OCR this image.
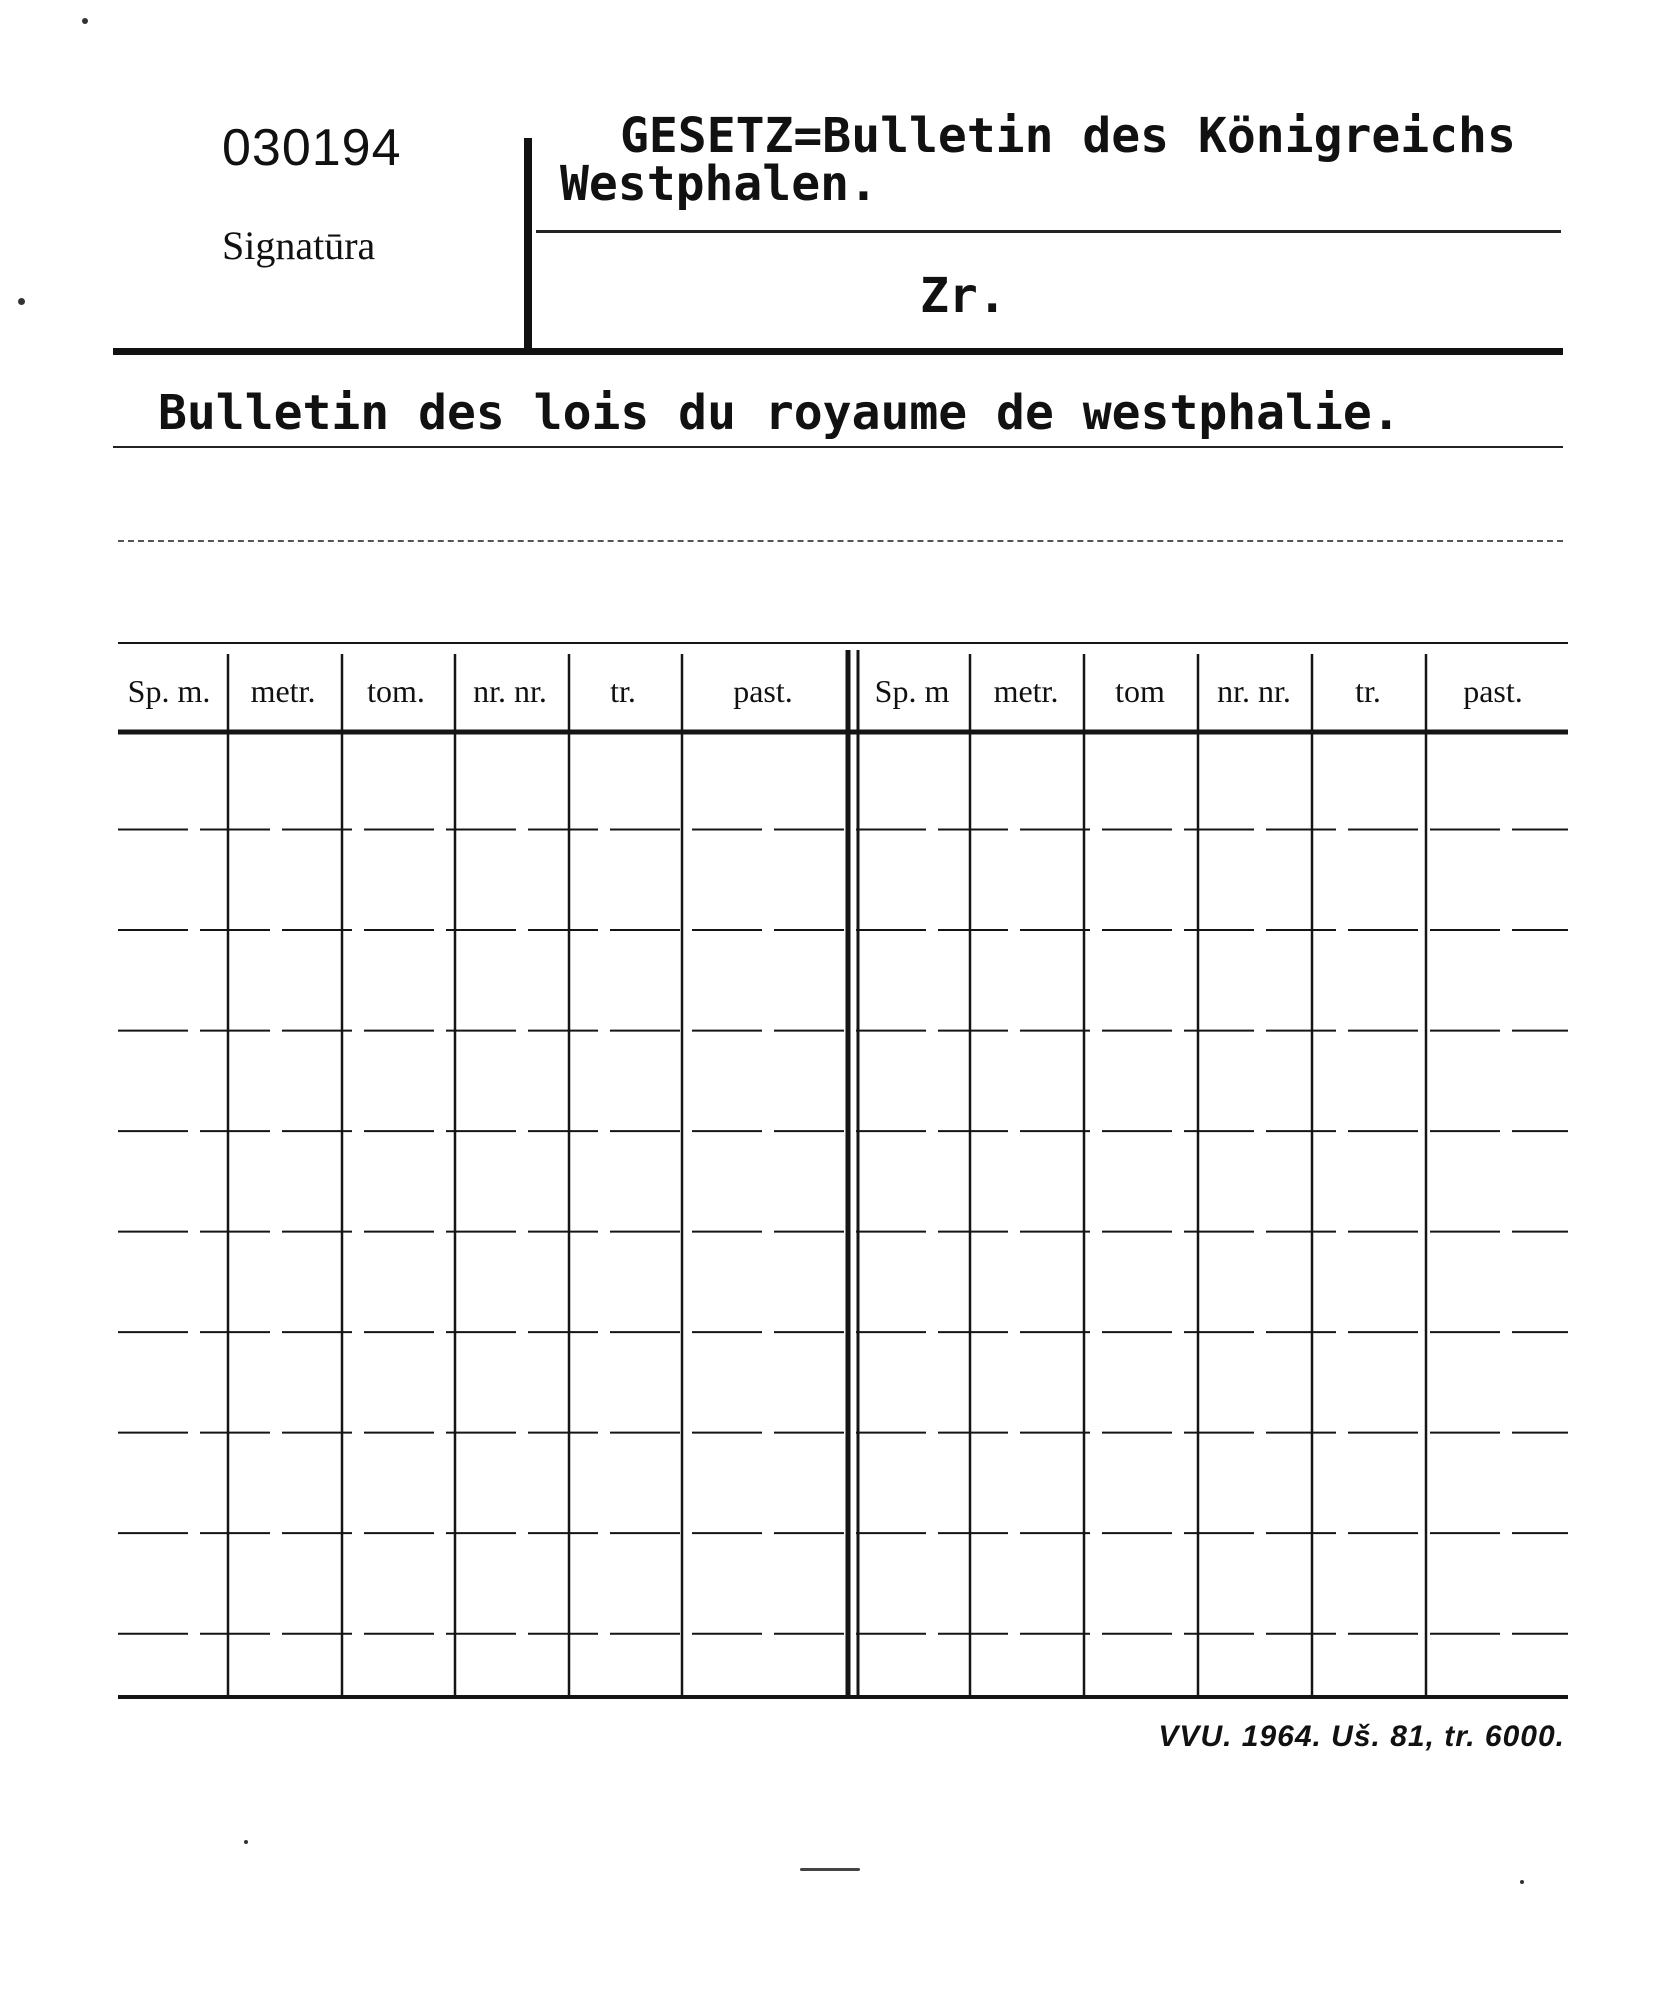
030194
Signatūra
GESETZ=Bulletin des Königreichs
Westphalen.
Zr.
Bulletin des lois du royaume de westphalie.
Sp. m.	metr.	tom.	nr. nr.	tr.	past.	Sp. m	metr.	tom	nr. nr.	tr.	past.
VVU. 1964. Uš. 81, tr. 6000.
